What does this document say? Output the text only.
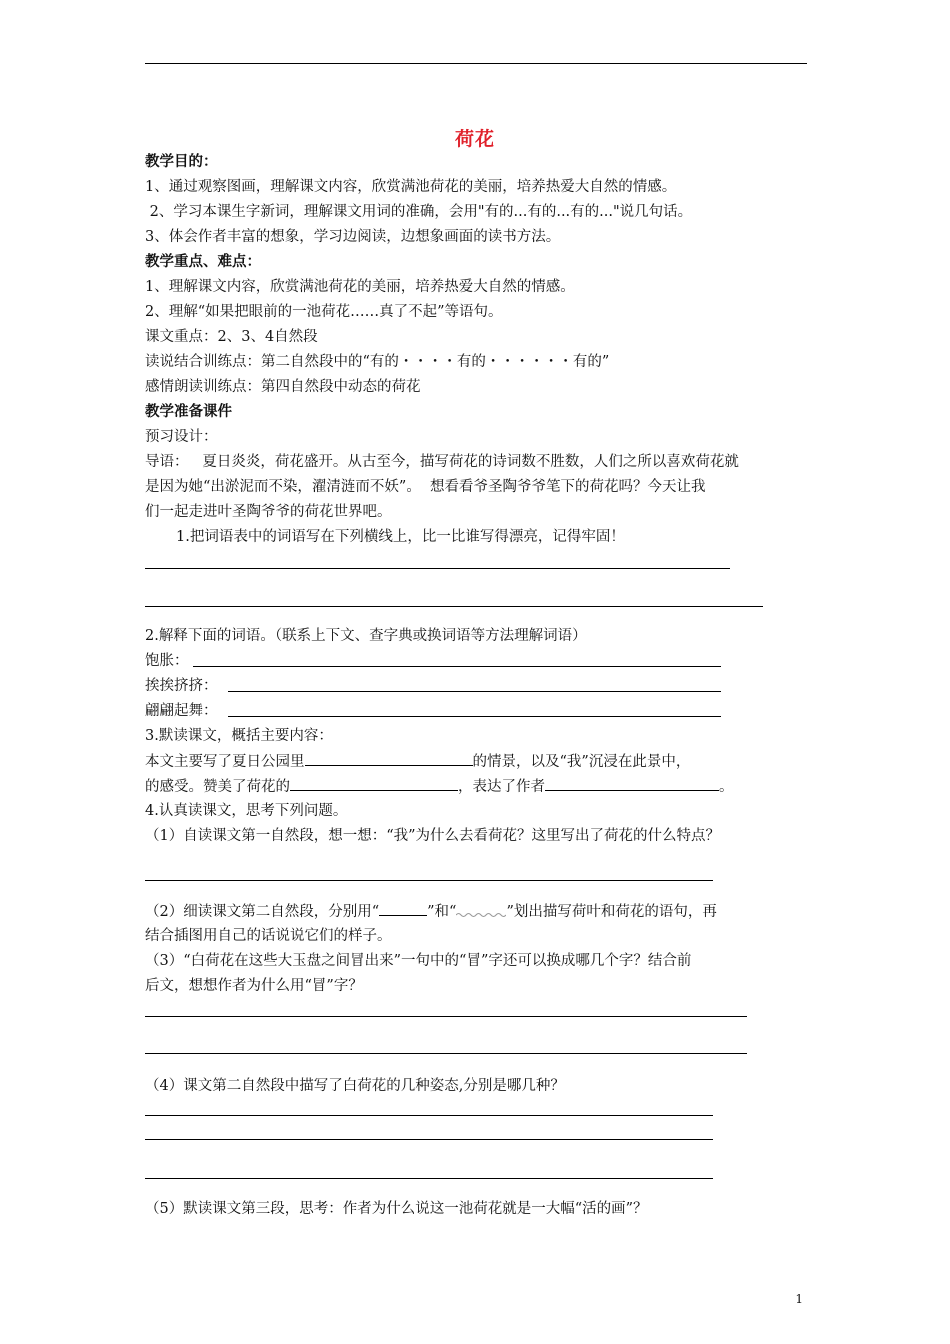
荷花
教学目的：
1、通过观察图画，理解课文内容，欣赏满池荷花的美丽，培养热爱大自然的情感。
2、学习本课生字新词，理解课文用词的准确，会用"有的...有的...有的..."说几句话。
3、体会作者丰富的想象，学习边阅读，边想象画面的读书方法。
教学重点、难点：
1、理解课文内容，欣赏满池荷花的美丽，培养热爱大自然的情感。
2、理解“如果把眼前的一池荷花……真了不起”等语句。
课文重点：2、3、4自然段
读说结合训练点：第二自然段中的“有的・・・・有的・・・・・・有的”
感情朗读训练点：第四自然段中动态的荷花
教学准备课件
预习设计：
导语：   夏日炎炎，荷花盛开。从古至今，描写荷花的诗词数不胜数，人们之所以喜欢荷花就
是因为她“出淤泥而不染，濯清涟而不妖”。  想看看爷圣陶爷爷笔下的荷花吗？今天让我
们一起走进叶圣陶爷爷的荷花世界吧。
1.把词语表中的词语写在下列横线上，比一比谁写得漂亮，记得牢固！
2.解释下面的词语。（联系上下文、查字典或换词语等方法理解词语）
饱胀：
挨挨挤挤：
翩翩起舞：
3.默读课文，概括主要内容：
本文主要写了夏日公园里	的情景，以及“我”沉浸在此景中，
的感受。赞美了荷花的	，表达了作者	。
4.认真读课文，思考下列问题。
（1）自读课文第一自然段，想一想：“我”为什么去看荷花？这里写出了荷花的什么特点？
（2）细读课文第二自然段，分别用“	”和“	”划出描写荷叶和荷花的语句，再
结合插图用自己的话说说它们的样子。
（3）“白荷花在这些大玉盘之间冒出来”一句中的“冒”字还可以换成哪几个字？结合前
后文，想想作者为什么用“冒”字？
（4）课文第二自然段中描写了白荷花的几种姿态,分别是哪几种？
（5）默读课文第三段，思考：作者为什么说这一池荷花就是一大幅“活的画”？
1
